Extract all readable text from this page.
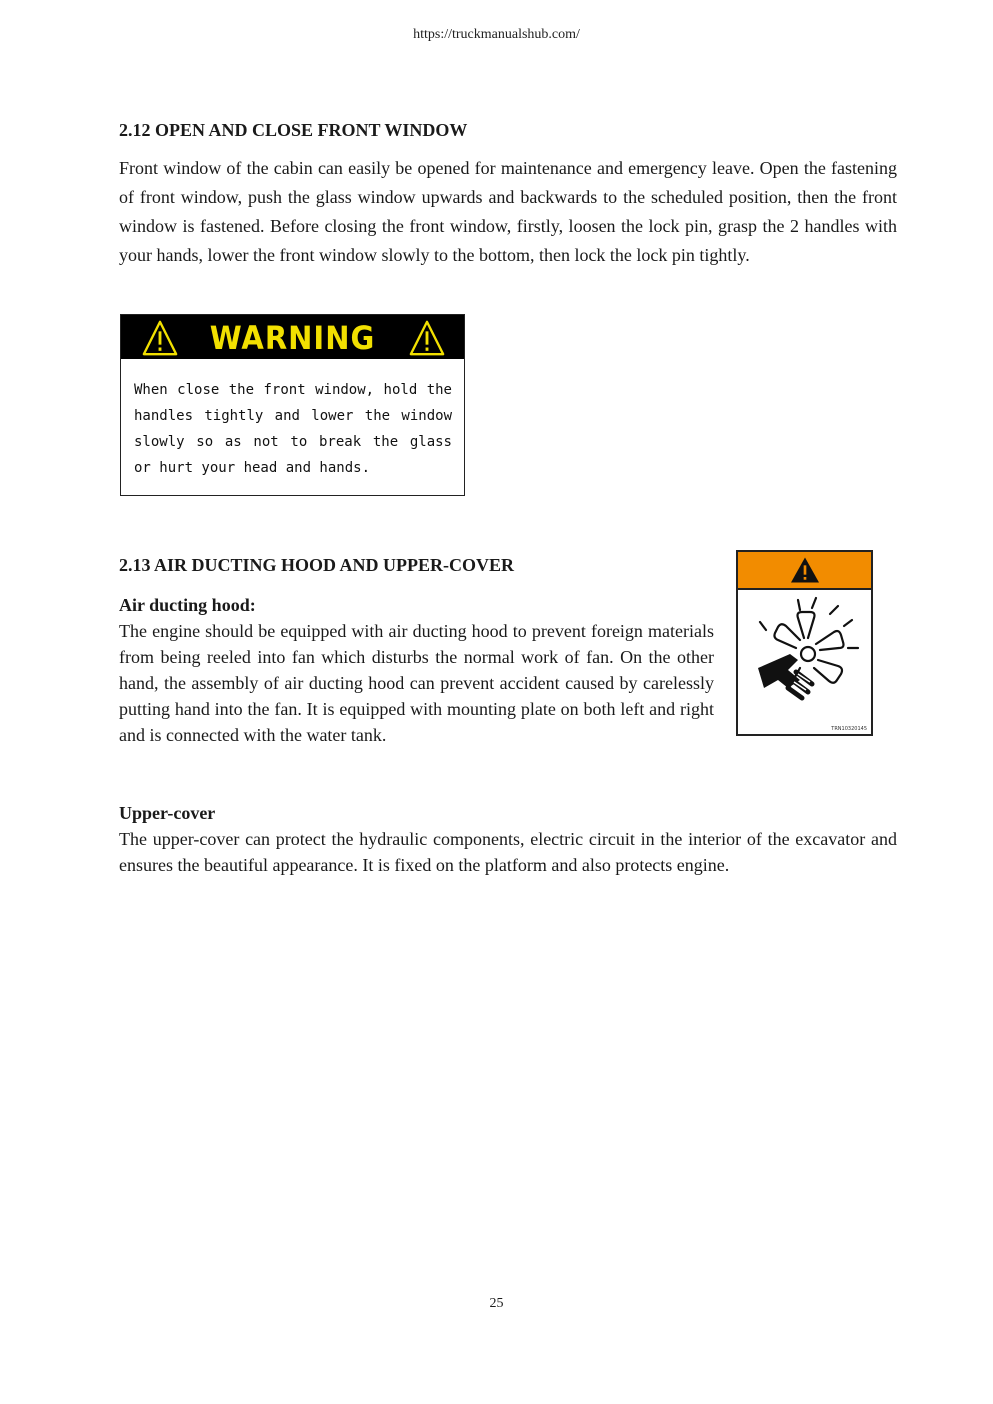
https://truckmanualshub.com/
2.12 OPEN AND CLOSE FRONT WINDOW

Front window of the cabin can easily be opened for maintenance and emergency leave. Open the fastening of front window, push the glass window upwards and backwards to the scheduled position, then the front window is fastened. Before closing the front window, firstly, loosen the lock pin, grasp the 2 handles with your hands, lower the front window slowly to the bottom, then lock the lock pin tightly.

WARNING

When close the front window, hold the handles tightly and lower the window slowly so as not to break the glass or hurt your head and hands.

2.13 AIR DUCTING HOOD AND UPPER-COVER
Air ducting hood:

The engine should be equipped with air ducting hood to prevent foreign materials from being reeled into fan which disturbs the normal work of fan. On the other hand, the assembly of air ducting hood can prevent accident caused by carelessly putting hand into the fan. It is equipped with mounting plate on both left and right and is connected with the water tank.	TRN10320145
Upper-cover

The upper-cover can protect the hydraulic components, electric circuit in the interior of the excavator and ensures the beautiful appearance. It is fixed on the platform and also protects engine.

25
